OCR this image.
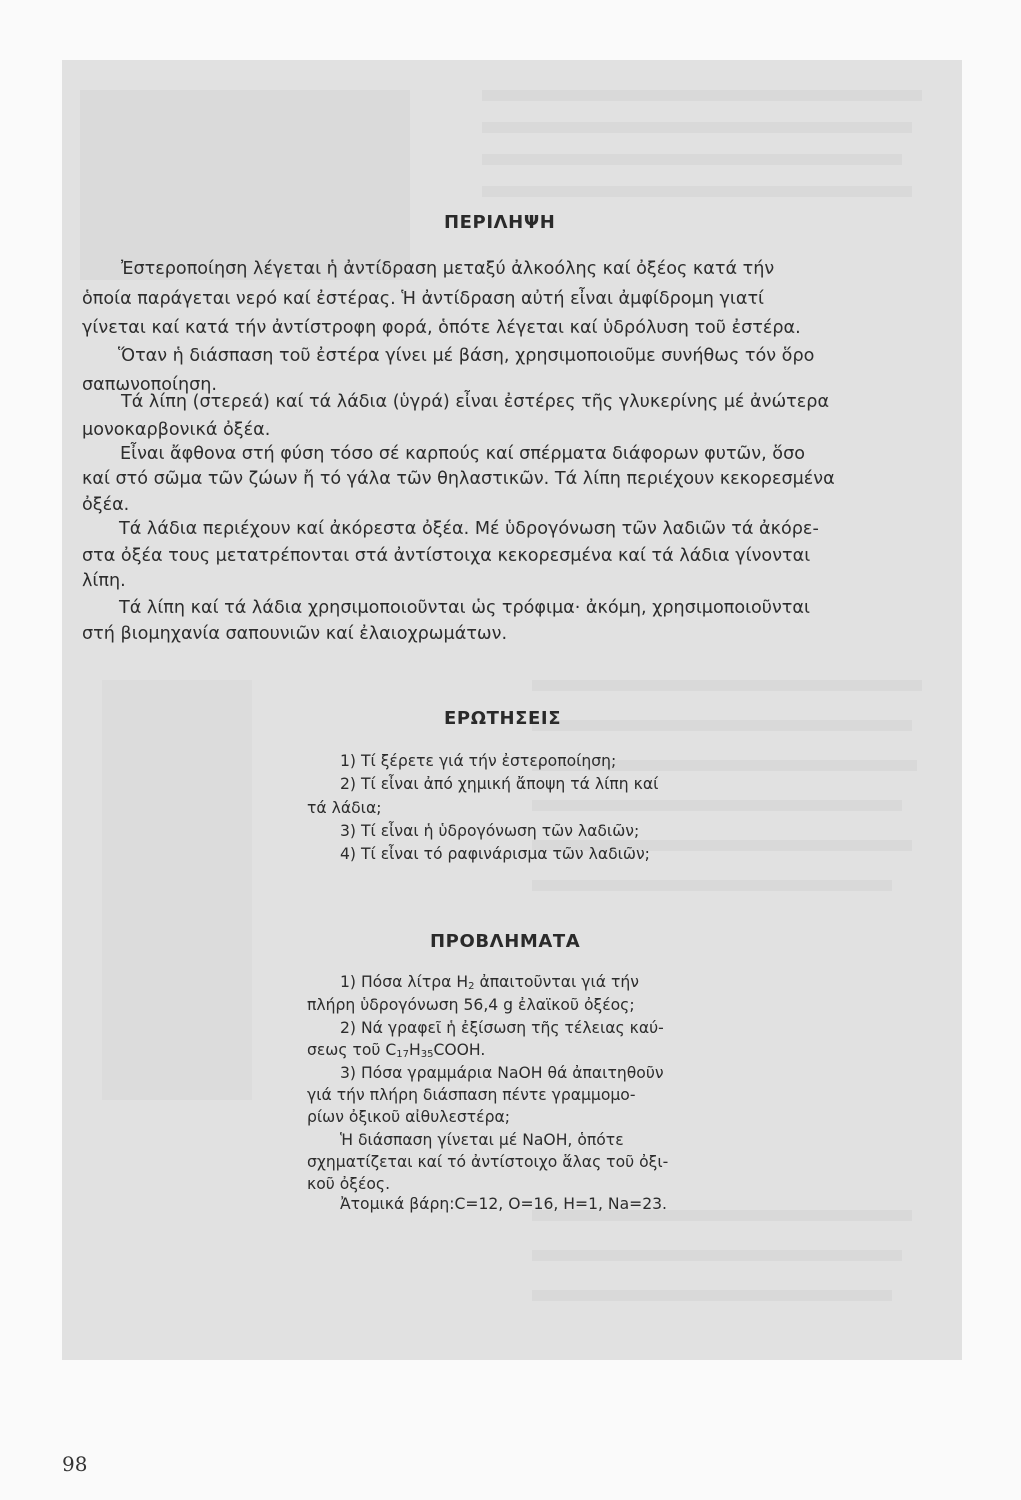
ΠΕΡΙΛΗΨΗ

Ἐστεροποίηση λέγεται ἡ ἀντίδραση μεταξύ ἀλκοόλης καί ὀξέος κατά τήν

ὁποία παράγεται νερό καί ἐστέρας. Ἡ ἀντίδραση αὐτή εἶναι ἀμφίδρομη γιατί

γίνεται καί κατά τήν ἀντίστροφη φορά, ὁπότε λέγεται καί ὑδρόλυση τοῦ ἐστέρα.

Ὅταν ἡ διάσπαση τοῦ ἐστέρα γίνει μέ βάση, χρησιμοποιοῦμε συνήθως τόν ὅρο

σαπωνοποίηση.

Τά λίπη (στερεά) καί τά λάδια (ὑγρά) εἶναι ἐστέρες τῆς γλυκερίνης μέ ἀνώτερα

μονοκαρβονικά ὀξέα.

Εἶναι ἄφθονα στή φύση τόσο σέ καρπούς καί σπέρματα διάφορων φυτῶν, ὅσο

καί στό σῶμα τῶν ζώων ἤ τό γάλα τῶν θηλαστικῶν. Τά λίπη περιέχουν κεκορεσμένα

ὀξέα.

Τά λάδια περιέχουν καί ἀκόρεστα ὀξέα. Μέ ὑδρογόνωση τῶν λαδιῶν τά ἀκόρε-

στα ὀξέα τους μετατρέπονται στά ἀντίστοιχα κεκορεσμένα καί τά λάδια γίνονται

λίπη.

Τά λίπη καί τά λάδια χρησιμοποιοῦνται ὡς τρόφιμα· ἀκόμη, χρησιμοποιοῦνται

στή βιομηχανία σαπουνιῶν καί ἐλαιοχρωμάτων.

ΕΡΩΤΗΣΕΙΣ

1) Τί ξέρετε γιά τήν ἐστεροποίηση;

2) Τί εἶναι ἀπό χημική ἄποψη τά λίπη καί

τά λάδια;

3) Τί εἶναι ἡ ὑδρογόνωση τῶν λαδιῶν;

4) Τί εἶναι τό ραφινάρισμα τῶν λαδιῶν;

ΠΡΟΒΛΗΜΑΤΑ

1) Πόσα λίτρα $H_2$ ἀπαιτοῦνται γιά τήν

πλήρη ὑδρογόνωση 56,4 g ἐλαϊκοῦ ὀξέος;

2) Νά γραφεῖ ἡ ἐξίσωση τῆς τέλειας καύ-

σεως τοῦ $C_{17}H_{35}COOH$.

3) Πόσα γραμμάρια NaOH θά ἀπαιτηθοῦν

γιά τήν πλήρη διάσπαση πέντε γραμμομο-

ρίων ὀξικοῦ αἰθυλεστέρα;

Ἡ διάσπαση γίνεται μέ NaOH, ὁπότε

σχηματίζεται καί τό ἀντίστοιχο ἅλας τοῦ ὀξι-

κοῦ ὀξέος.

Ἀτομικά βάρη:C=12, O=16, H=1, Na=23.

98
